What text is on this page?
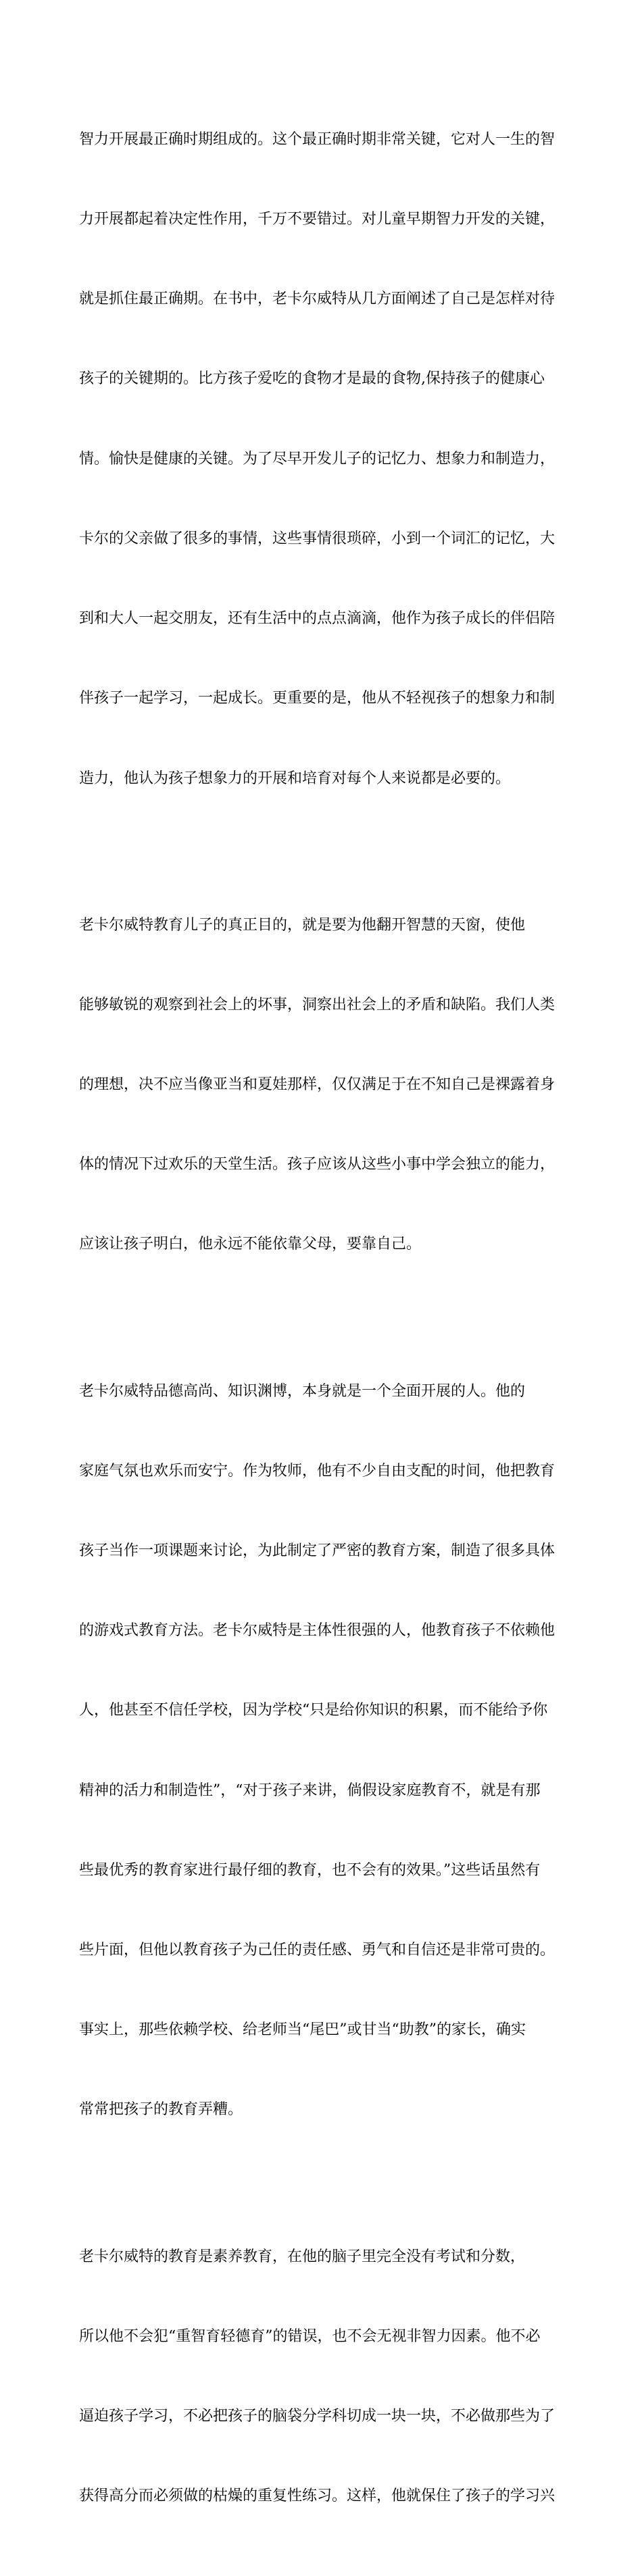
智力开展最正确时期组成的。这个最正确时期非常关键，它对人一生的智

力开展都起着决定性作用，千万不要错过。对儿童早期智力开发的关键，

就是抓住最正确期。在书中，老卡尔威特从几方面阐述了自己是怎样对待

孩子的关键期的。比方孩子爱吃的食物才是最的食物,保持孩子的健康心

情。愉快是健康的关键。为了尽早开发儿子的记忆力、想象力和制造力，

卡尔的父亲做了很多的事情，这些事情很琐碎，小到一个词汇的记忆，大

到和大人一起交朋友，还有生活中的点点滴滴，他作为孩子成长的伴侣陪

伴孩子一起学习，一起成长。更重要的是，他从不轻视孩子的想象力和制

造力，他认为孩子想象力的开展和培育对每个人来说都是必要的。

老卡尔威特教育儿子的真正目的，就是要为他翻开智慧的天窗，使他

能够敏锐的观察到社会上的坏事，洞察出社会上的矛盾和缺陷。我们人类

的理想，决不应当像亚当和夏娃那样，仅仅满足于在不知自己是裸露着身

体的情况下过欢乐的天堂生活。孩子应该从这些小事中学会独立的能力，

应该让孩子明白，他永远不能依靠父母，要靠自己。

老卡尔威特品德高尚、知识渊博，本身就是一个全面开展的人。他的

家庭气氛也欢乐而安宁。作为牧师，他有不少自由支配的时间，他把教育

孩子当作一项课题来讨论，为此制定了严密的教育方案，制造了很多具体

的游戏式教育方法。老卡尔威特是主体性很强的人，他教育孩子不依赖他

人，他甚至不信任学校，因为学校“只是给你知识的积累，而不能给予你

精神的活力和制造性”，“对于孩子来讲，倘假设家庭教育不，就是有那

些最优秀的教育家进行最仔细的教育，也不会有的效果。”这些话虽然有

些片面，但他以教育孩子为己任的责任感、勇气和自信还是非常可贵的。

事实上，那些依赖学校、给老师当“尾巴”或甘当“助教”的家长，确实

常常把孩子的教育弄糟。

老卡尔威特的教育是素养教育，在他的脑子里完全没有考试和分数，

所以他不会犯“重智育轻德育”的错误，也不会无视非智力因素。他不必

逼迫孩子学习，不必把孩子的脑袋分学科切成一块一块，不必做那些为了

获得高分而必须做的枯燥的重复性练习。这样，他就保住了孩子的学习兴
